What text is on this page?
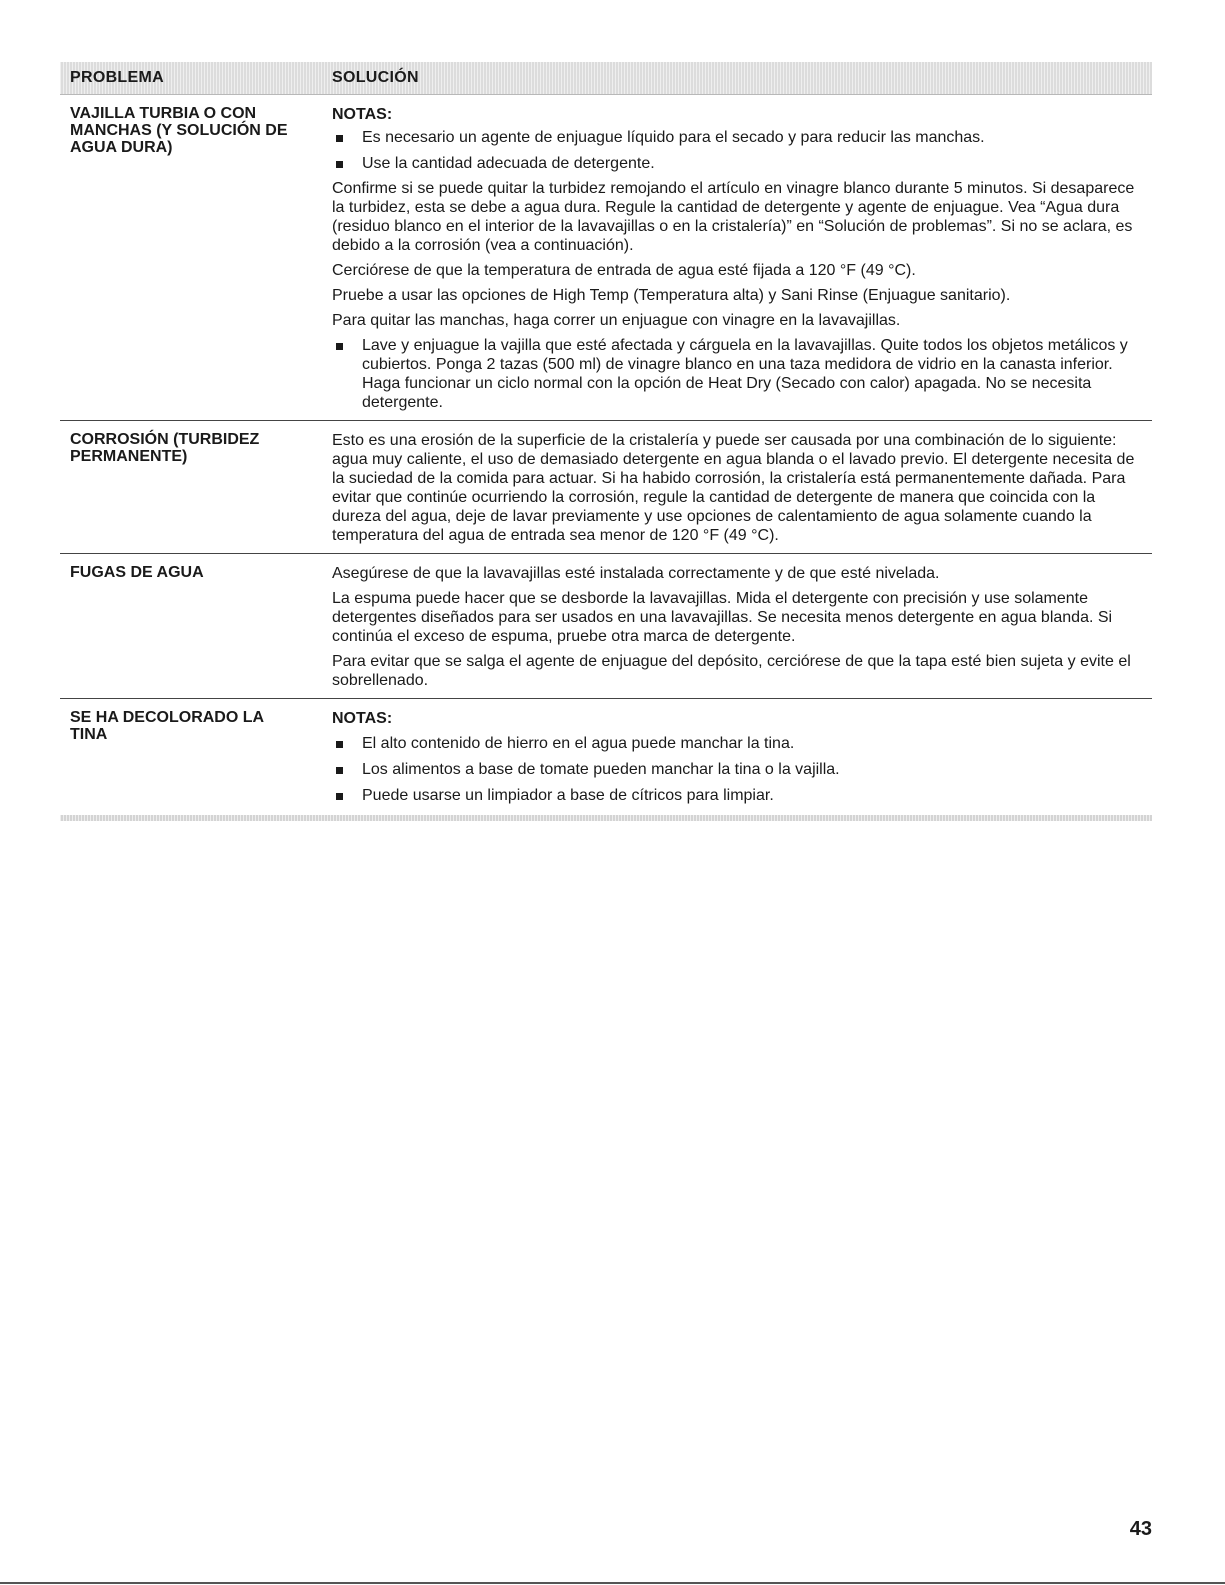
PROBLEMA	SOLUCIÓN
VAJILLA TURBIA O CON MANCHAS (Y SOLUCIÓN DE AGUA DURA)

NOTAS:

Es necesario un agente de enjuague líquido para el secado y para reducir las manchas.
Use la cantidad adecuada de detergente.

Confirme si se puede quitar la turbidez remojando el artículo en vinagre blanco durante 5 minutos. Si desaparece la turbidez, esta se debe a agua dura. Regule la cantidad de detergente y agente de enjuague. Vea “Agua dura (residuo blanco en el interior de la lavavajillas o en la cristalería)” en “Solución de problemas”. Si no se aclara, es debido a la corrosión (vea a continuación).

Cerciórese de que la temperatura de entrada de agua esté fijada a 120 °F (49 °C).

Pruebe a usar las opciones de High Temp (Temperatura alta) y Sani Rinse (Enjuague sanitario).

Para quitar las manchas, haga correr un enjuague con vinagre en la lavavajillas.

Lave y enjuague la vajilla que esté afectada y cárguela en la lavavajillas. Quite todos los objetos metálicos y cubiertos. Ponga 2 tazas (500 ml) de vinagre blanco en una taza medidora de vidrio en la canasta inferior. Haga funcionar un ciclo normal con la opción de Heat Dry (Secado con calor) apagada. No se necesita detergente.
CORROSIÓN (TURBIDEZ PERMANENTE)

Esto es una erosión de la superficie de la cristalería y puede ser causada por una combinación de lo siguiente: agua muy caliente, el uso de demasiado detergente en agua blanda o el lavado previo. El detergente necesita de la suciedad de la comida para actuar. Si ha habido corrosión, la cristalería está permanentemente dañada. Para evitar que continúe ocurriendo la corrosión, regule la cantidad de detergente de manera que coincida con la dureza del agua, deje de lavar previamente y use opciones de calentamiento de agua solamente cuando la temperatura del agua de entrada sea menor de 120 °F (49 °C).

FUGAS DE AGUA	Asegúrese de que la lavavajillas esté instalada correctamente y de que esté nivelada.

La espuma puede hacer que se desborde la lavavajillas. Mida el detergente con precisión y use solamente detergentes diseñados para ser usados en una lavavajillas. Se necesita menos detergente en agua blanda. Si continúa el exceso de espuma, pruebe otra marca de detergente.

Para evitar que se salga el agente de enjuague del depósito, cerciórese de que la tapa esté bien sujeta y evite el sobrellenado.

SE HA DECOLORADO LA TINA

NOTAS:

El alto contenido de hierro en el agua puede manchar la tina.
Los alimentos a base de tomate pueden manchar la tina o la vajilla.
Puede usarse un limpiador a base de cítricos para limpiar.
43
